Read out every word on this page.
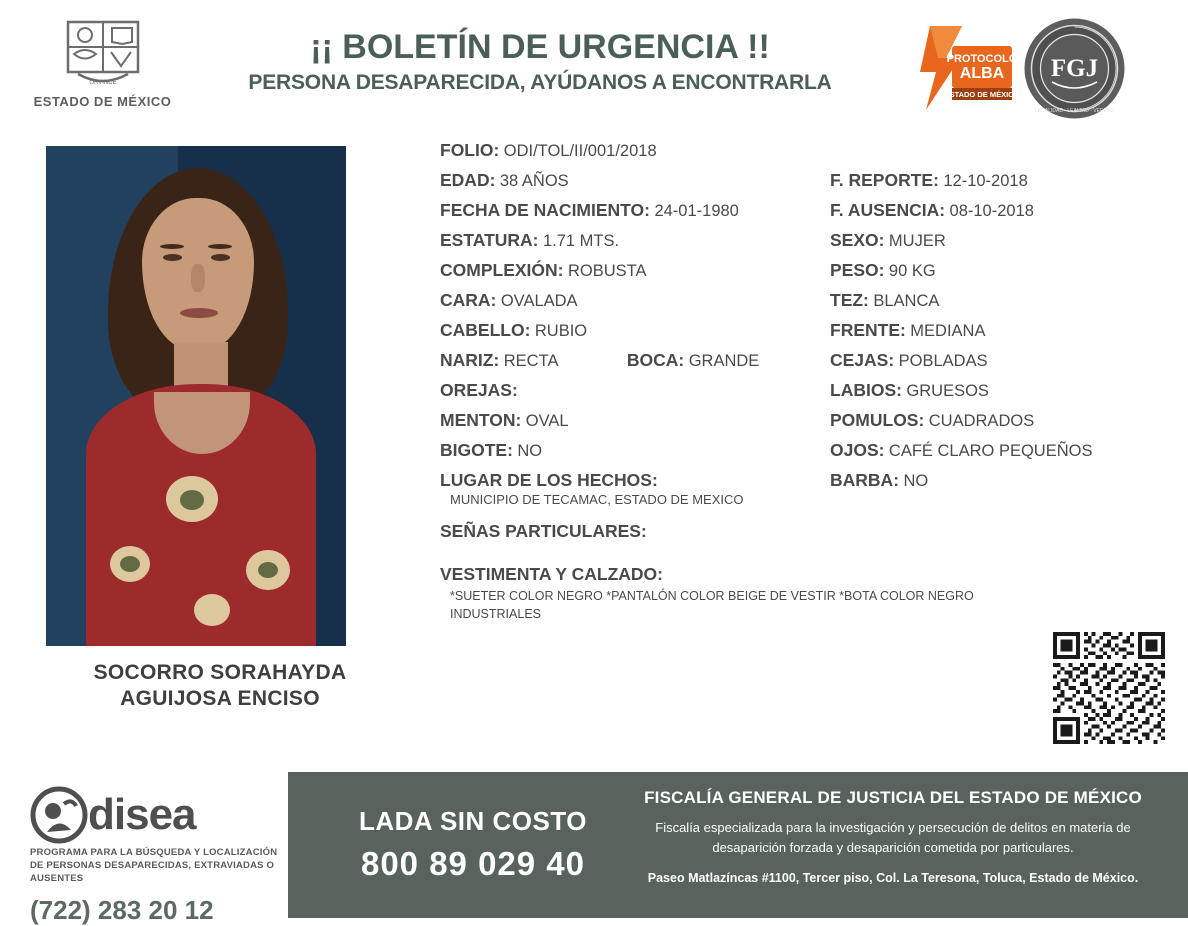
ORVINDE
ESTADO DE MÉXICO
¡¡ BOLETÍN DE URGENCIA !!
PERSONA DESAPARECIDA, AYÚDANOS A ENCONTRARLA
PROTOCOLO
ALBA
ESTADO DE MÉXICO
FGJ
LEGALIDAD · LEALTAD · VERDAD
SOCORRO SORAHAYDA AGUIJOSA ENCISO
FOLIO: ODI/TOL/II/001/2018
EDAD: 38 AÑOS	F. REPORTE: 12-10-2018
FECHA DE NACIMIENTO: 24-01-1980	F. AUSENCIA: 08-10-2018
ESTATURA: 1.71 MTS.	SEXO: MUJER
COMPLEXIÓN: ROBUSTA	PESO: 90 KG
CARA: OVALADA	TEZ: BLANCA
CABELLO: RUBIO	FRENTE: MEDIANA
NARIZ: RECTA	BOCA: GRANDE	CEJAS: POBLADAS
OREJAS:	LABIOS: GRUESOS
MENTON: OVAL	POMULOS: CUADRADOS
BIGOTE: NO	OJOS: CAFÉ CLARO PEQUEÑOS
LUGAR DE LOS HECHOS:
MUNICIPIO DE TECAMAC, ESTADO DE MEXICO
BARBA: NO
SEÑAS PARTICULARES:
VESTIMENTA Y CALZADO:
*SUETER COLOR NEGRO *PANTALÓN COLOR BEIGE DE VESTIR *BOTA COLOR NEGRO INDUSTRIALES
disea
PROGRAMA PARA LA BÚSQUEDA Y LOCALIZACIÓN DE PERSONAS DESAPARECIDAS, EXTRAVIADAS O AUSENTES
(722) 283 20 12
LADA SIN COSTO
800 89 029 40
FISCALÍA GENERAL DE JUSTICIA DEL ESTADO DE MÉXICO
Fiscalía especializada para la investigación y persecución de delitos en materia de desaparición forzada y desaparición cometida por particulares.
Paseo Matlazíncas #1100, Tercer piso, Col. La Teresona, Toluca, Estado de México.
